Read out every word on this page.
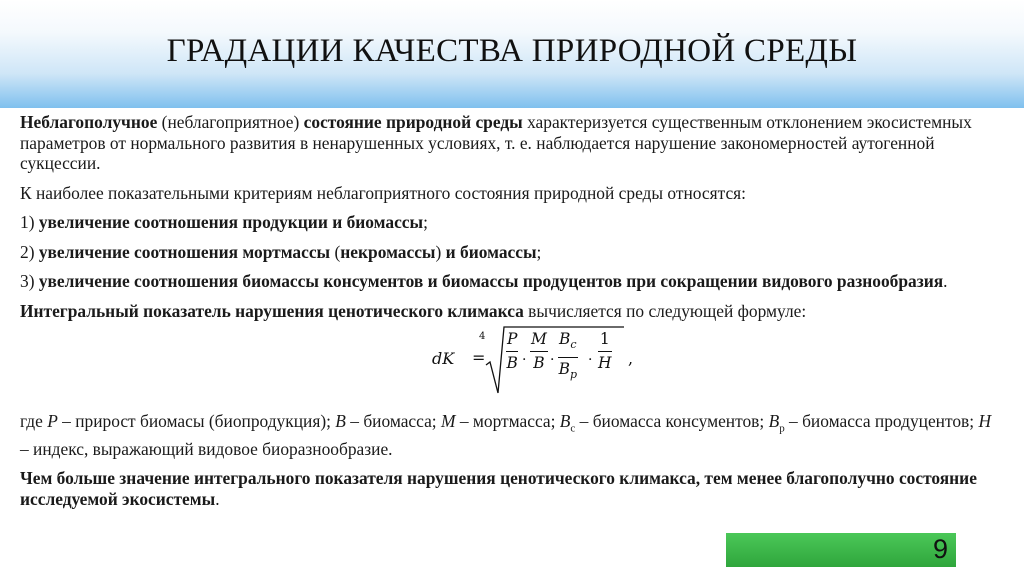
ГРАДАЦИИ КАЧЕСТВА ПРИРОДНОЙ СРЕДЫ

Неблагополучное (неблагоприятное) состояние природной среды характеризуется существенным отклонением экосистемных параметров от нормального развития в ненарушенных условиях, т. е. наблюдается нарушение закономерностей аутогенной сукцессии.

К наиболее показательными критериям неблагоприятного состояния природной среды относятся:

1) увеличение соотношения продукции и биомассы;

2) увеличение соотношения мортмассы (некромассы) и биомассы;

3) увеличение соотношения биомассы консументов и биомассы продуцентов при сокращении видового разнообразия.

Интегральный показатель нарушения ценотического климакса вычисляется по следующей формуле:

dK =
$4 \frac{P}{B} \cdot \frac{M}{B} \cdot \frac{B_c}{B_p} \cdot \frac{1}{H}$ ,

где P – прирост биомасы (биопродукция); B – биомасса; M – мортмасса; $B_c$ – биомасса консументов; $B_p$ – биомасса продуцентов; H – индекс, выражающий видовое биоразнообразие.

Чем больше значение интегрального показателя нарушения ценотического климакса, тем менее благополучно состояние исследуемой экосистемы.

9
